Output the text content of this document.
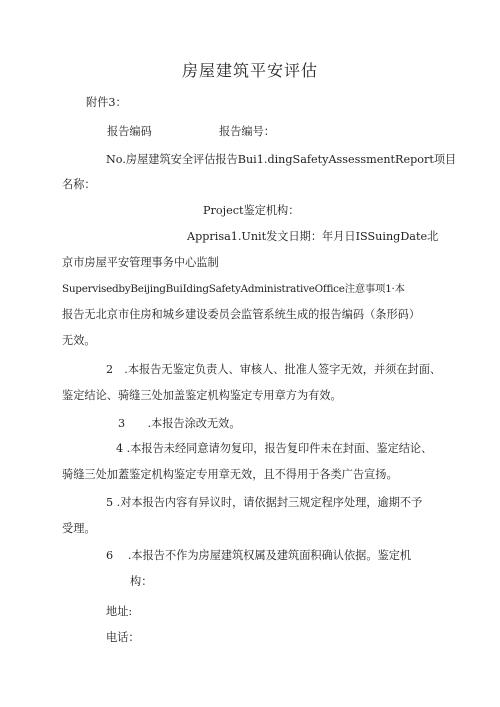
房屋建筑平安评估
附件3：
报告编码	报告编号：
No.房屋建筑安全评估报告Bui1.dingSafetyAssessmentReport项目
名称：
Project鉴定机构：
Apprisa1.Unit发文日期：年月日ISSuingDate北
京市房屋平安管理事务中心监制
SupervisedbyBeijingBuiIdingSafetyAdministrativeOffice注意事项1·本
报告无北京市住房和城乡建设委员会监管系统生成的报告编码（条形码）
无效。
2　.本报告无鉴定负责人、审核人、批准人签字无效，并须在封面、
鉴定结论、骑缝三处加盖鉴定机构鉴定专用章方为有效。
3　　.本报告涂改无效。
4 .本报告未经同意请勿复印，报告复印件未在封面、鉴定结论、
骑缝三处加蓋鉴定机构鉴定专用章无效，且不得用于各类广告宣扬。
5 .对本报告内容有异议时，请依据封三规定程序处理，逾期不予
受理。
6　 .本报告不作为房屋建筑权属及建筑面积确认依据。鉴定机
构：
地址:
电话：
